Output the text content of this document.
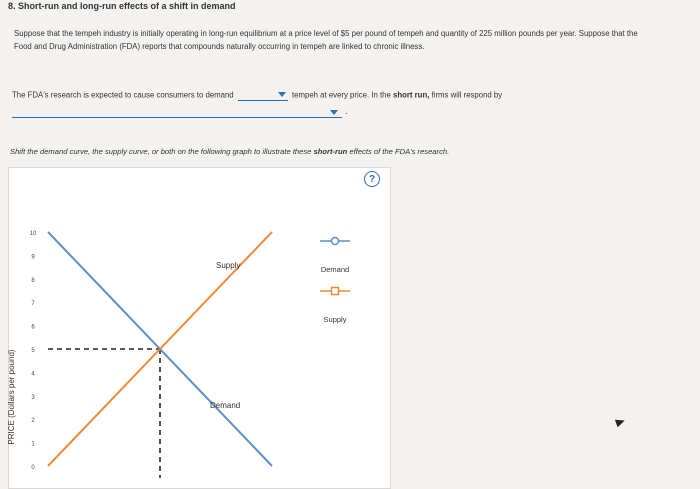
8. Short-run and long-run effects of a shift in demand
Suppose that the tempeh industry is initially operating in long-run equilibrium at a price level of $5 per pound of tempeh and quantity of 225 million pounds per year. Suppose that the Food and Drug Administration (FDA) reports that compounds naturally occurring in tempeh are linked to chronic illness.
The FDA's research is expected to cause consumers to demand	tempeh at every price. In the short run, firms will respond by
.
Shift the demand curve, the supply curve, or both on the following graph to illustrate these short-run effects of the FDA's research.
?
0
1
2
3
4
5
6
7
8
9
10
Demand
Supply
PRICE (Dollars per pound)
Supply
Demand
